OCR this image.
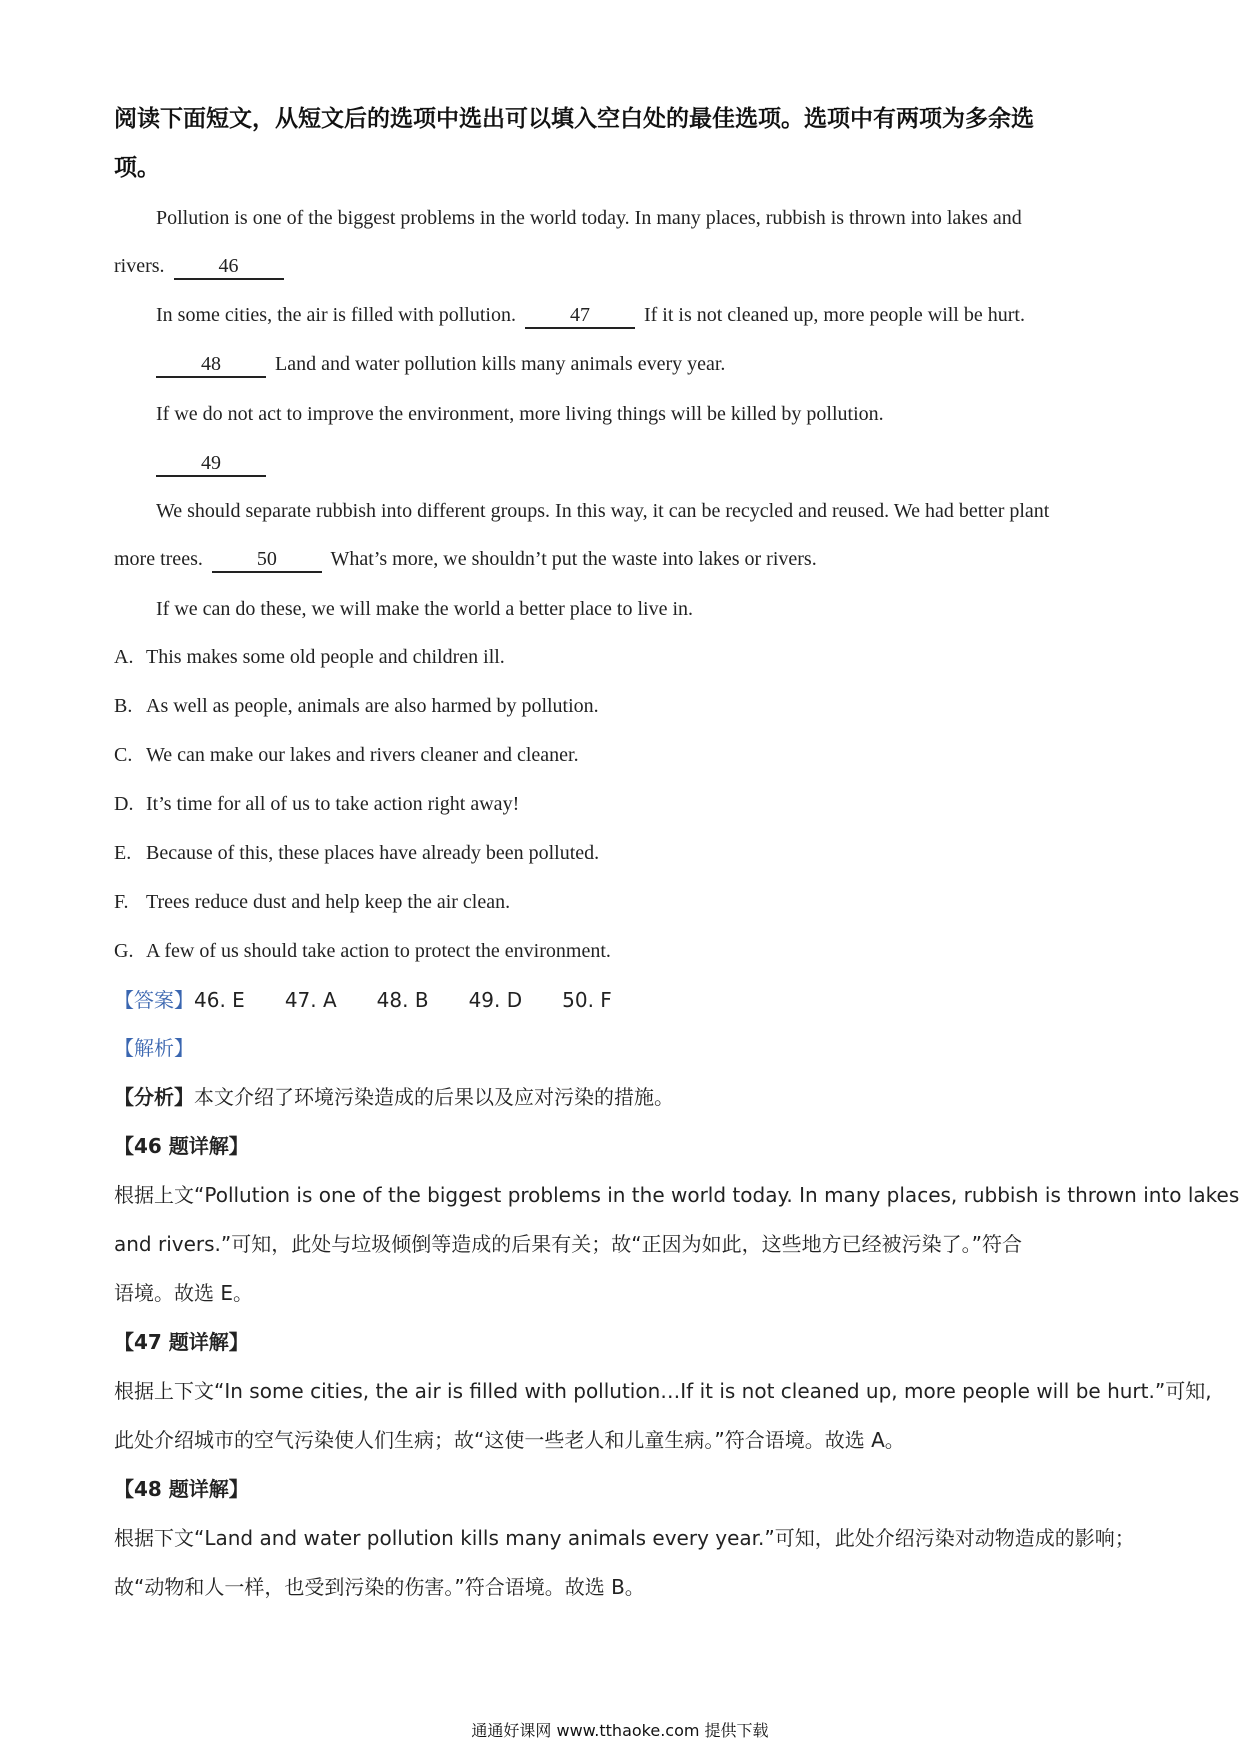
阅读下面短文，从短文后的选项中选出可以填入空白处的最佳选项。选项中有两项为多余选
项。
Pollution is one of the biggest problems in the world today. In many places, rubbish is thrown into lakes and
rivers.	46
In some cities, the air is filled with pollution.	47	If it is not cleaned up, more people will be hurt.
48	Land and water pollution kills many animals every year.
If we do not act to improve the environment, more living things will be killed by pollution.
49
We should separate rubbish into different groups. In this way, it can be recycled and reused. We had better plant
more trees.	50	What’s more, we shouldn’t put the waste into lakes or rivers.
If we can do these, we will make the world a better place to live in.
A. This makes some old people and children ill.
B. As well as people, animals are also harmed by pollution.
C. We can make our lakes and rivers cleaner and cleaner.
D. It’s time for all of us to take action right away!
E. Because of this, these places have already been polluted.
F. Trees reduce dust and help keep the air clean.
G. A few of us should take action to protect the environment.
【答案】46. E 47. A 48. B 49. D 50. F
【解析】
【分析】本文介绍了环境污染造成的后果以及应对污染的措施。
【46 题详解】
根据上文“Pollution is one of the biggest problems in the world today. In many places, rubbish is thrown into lakes
and rivers.”可知，此处与垃圾倾倒等造成的后果有关；故“正因为如此，这些地方已经被污染了。”符合
语境。故选 E。
【47 题详解】
根据上下文“In some cities, the air is filled with pollution…If it is not cleaned up, more people will be hurt.”可知,
此处介绍城市的空气污染使人们生病；故“这使一些老人和儿童生病。”符合语境。故选 A。
【48 题详解】
根据下文“Land and water pollution kills many animals every year.”可知，此处介绍污染对动物造成的影响；
故“动物和人一样，也受到污染的伤害。”符合语境。故选 B。
通通好课网 www.tthaoke.com 提供下载
